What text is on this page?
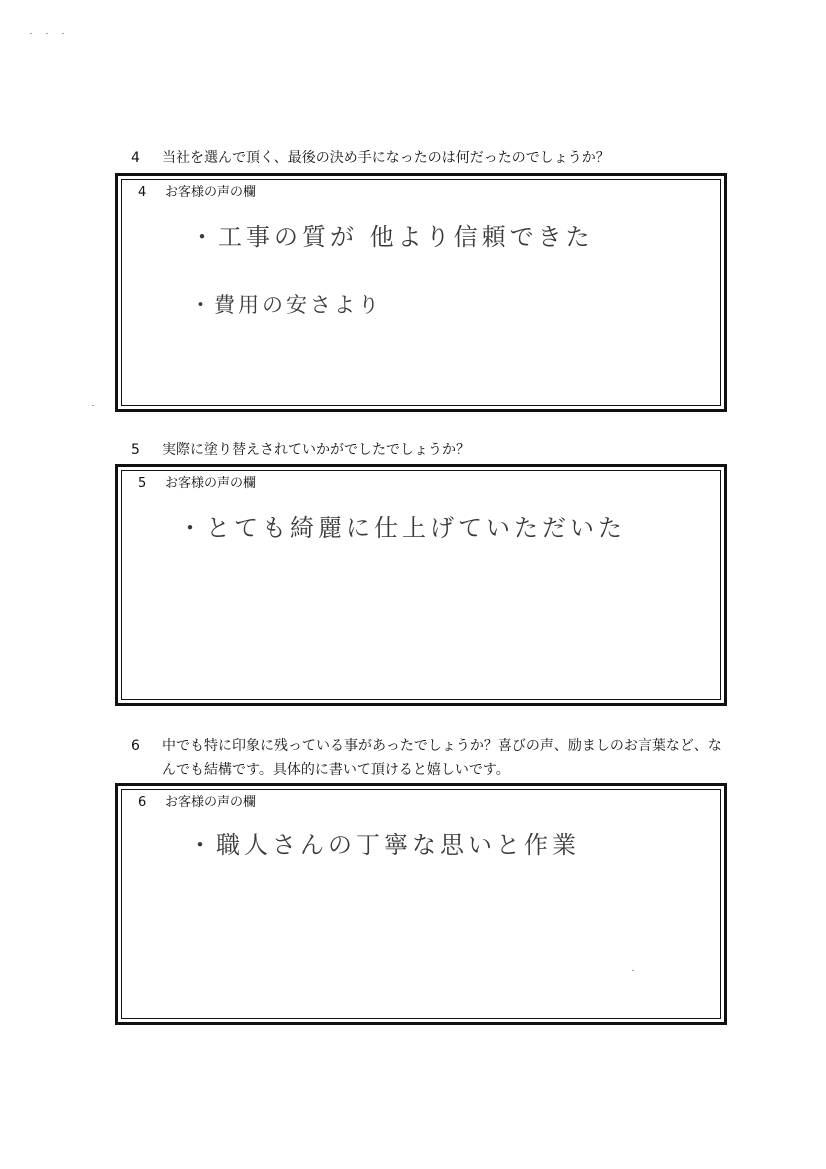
4	当社を選んで頂く、最後の決め手になったのは何だったのでしょうか？
4 お客様の声の欄
・工事の質が 他より信頼できた
・費用の安さより
5	実際に塗り替えされていかがでしたでしょうか？
5 お客様の声の欄
・とても綺麗に仕上げていただいた
6	中でも特に印象に残っている事があったでしょうか？喜びの声、励ましのお言葉など、なんでも結構です。具体的に書いて頂けると嬉しいです。
6 お客様の声の欄
・職人さんの丁寧な思いと作業
